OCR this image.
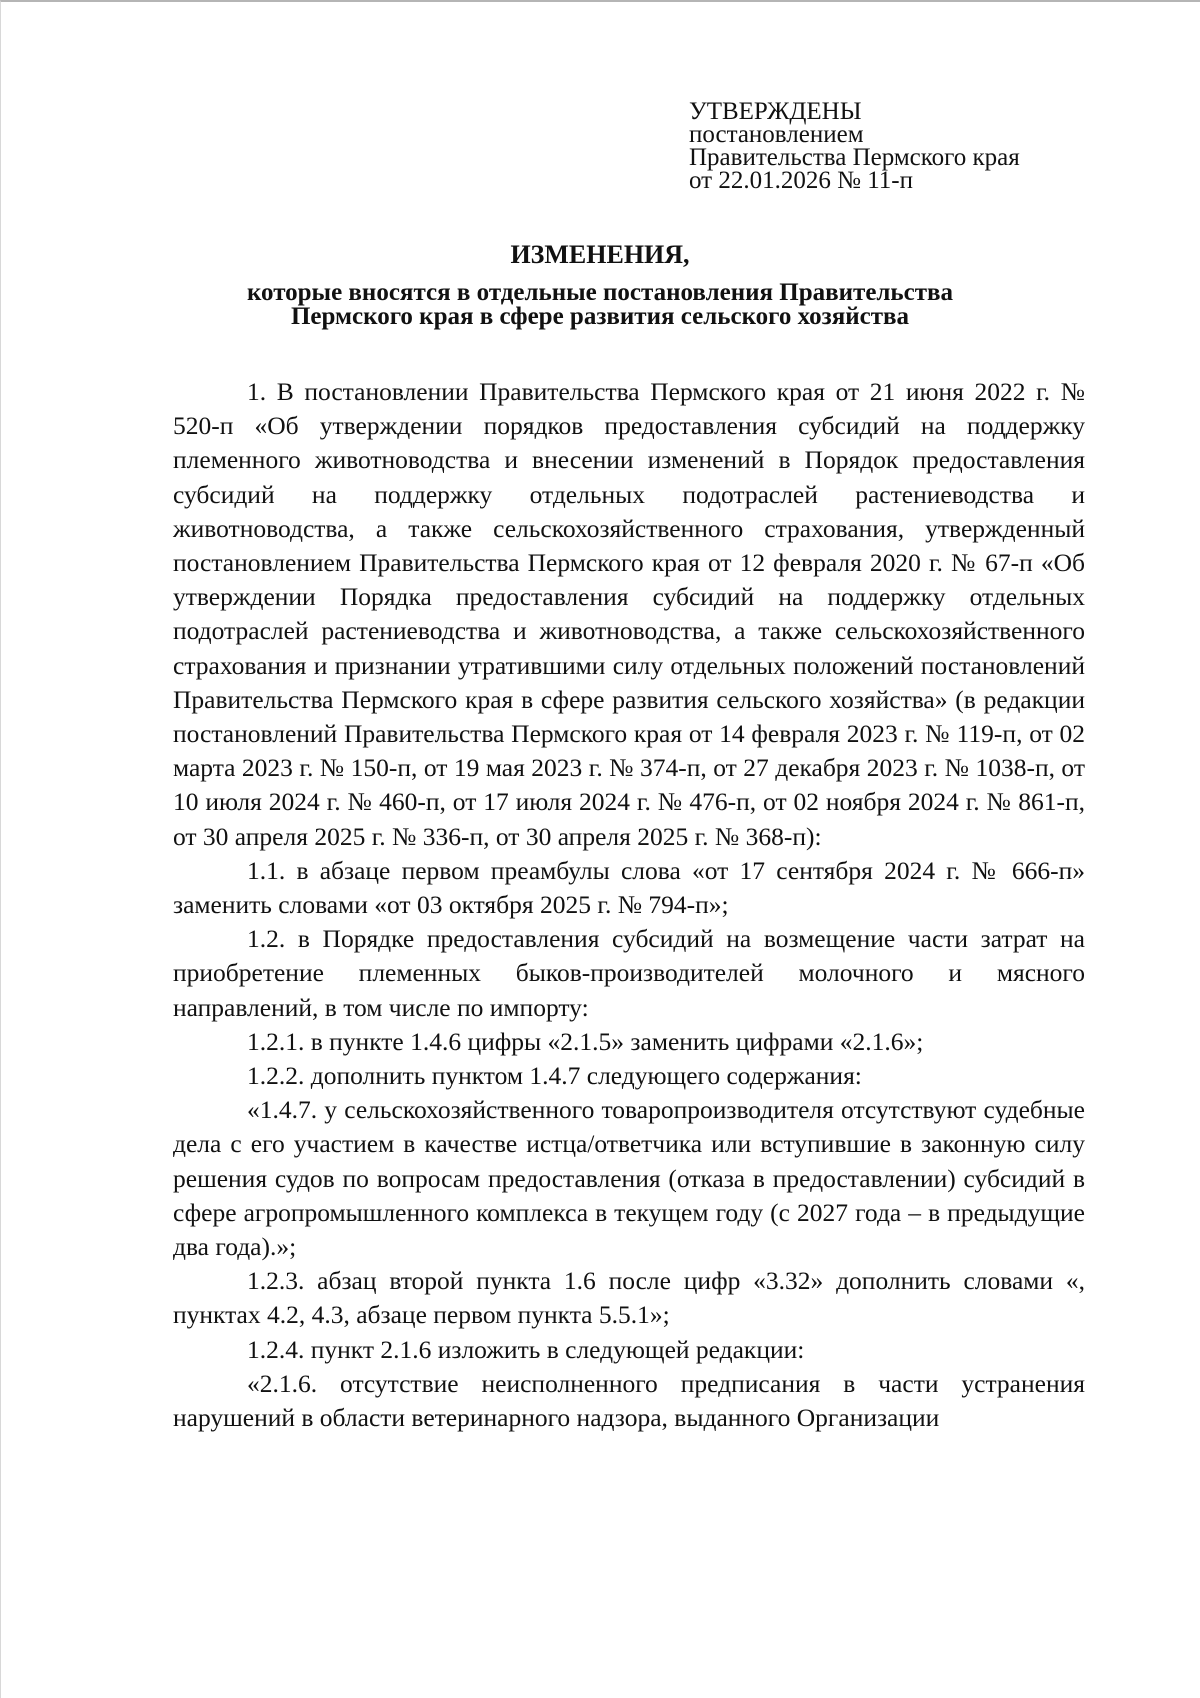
УТВЕРЖДЕНЫ
постановлением
Правительства Пермского края
от 22.01.2026 № 11-п
ИЗМЕНЕНИЯ,
которые вносятся в отдельные постановления Правительства
Пермского края в сфере развития сельского хозяйства

1. В постановлении Правительства Пермского края от 21 июня 2022 г. № 520-п «Об утверждении порядков предоставления субсидий на поддержку племенного животноводства и внесении изменений в Порядок предоставления субсидий на поддержку отдельных подотраслей растениеводства и животноводства, а также сельскохозяйственного страхования, утвержденный постановлением Правительства Пермского края от 12 февраля 2020 г. № 67-п «Об утверждении Порядка предоставления субсидий на поддержку отдельных подотраслей растениеводства и животноводства, а также сельскохозяйственного страхования и признании утратившими силу отдельных положений постановлений Правительства Пермского края в сфере развития сельского хозяйства» (в редакции постановлений Правительства Пермского края от 14 февраля 2023 г. № 119-п, от 02 марта 2023 г. № 150-п, от 19 мая 2023 г. № 374-п, от 27 декабря 2023 г. № 1038-п, от 10 июля 2024 г. № 460-п, от 17 июля 2024 г. № 476-п, от 02 ноября 2024 г. № 861-п, от 30 апреля 2025 г. № 336-п, от 30 апреля 2025 г. № 368-п):

1.1. в абзаце первом преамбулы слова «от 17 сентября 2024 г. № 666-п» заменить словами «от 03 октября 2025 г. № 794-п»;

1.2. в Порядке предоставления субсидий на возмещение части затрат на приобретение племенных быков-производителей молочного и мясного направлений, в том числе по импорту:

1.2.1. в пункте 1.4.6 цифры «2.1.5» заменить цифрами «2.1.6»;

1.2.2. дополнить пунктом 1.4.7 следующего содержания:

«1.4.7. у сельскохозяйственного товаропроизводителя отсутствуют судебные дела с его участием в качестве истца/ответчика или вступившие в законную силу решения судов по вопросам предоставления (отказа в предоставлении) субсидий в сфере агропромышленного комплекса в текущем году (с 2027 года – в предыдущие два года).»;

1.2.3. абзац второй пункта 1.6 после цифр «3.32» дополнить словами «, пунктах 4.2, 4.3, абзаце первом пункта 5.5.1»;

1.2.4. пункт 2.1.6 изложить в следующей редакции:

«2.1.6. отсутствие неисполненного предписания в части устранения нарушений в области ветеринарного надзора, выданного Организации
